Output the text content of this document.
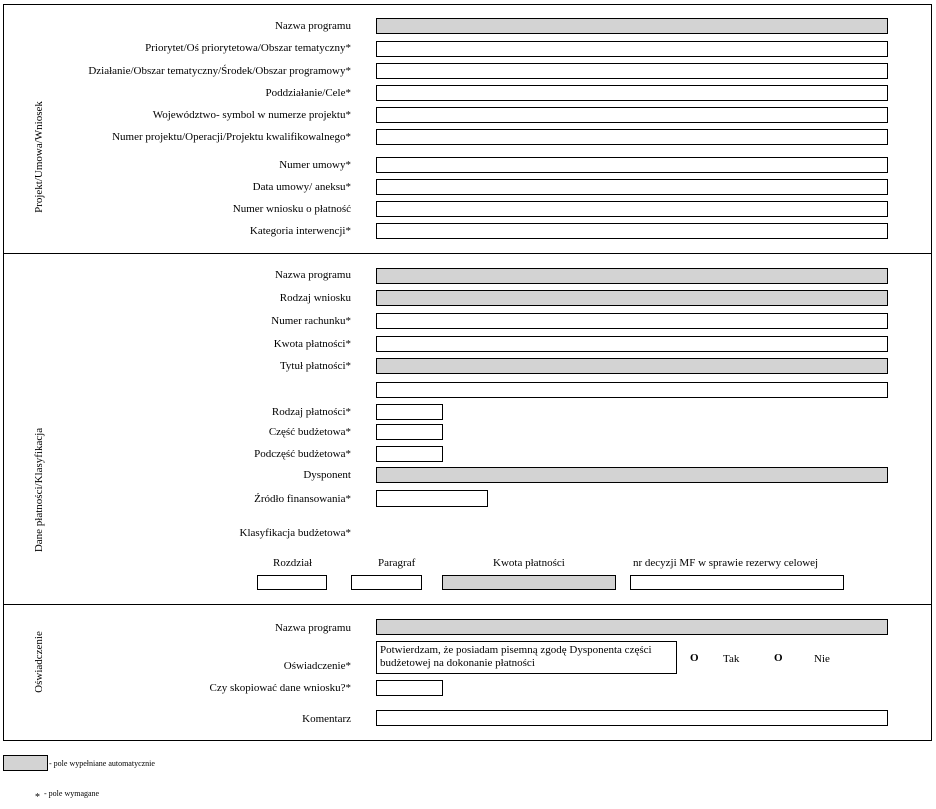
Projekt/Umowa/Wniosek
Nazwa programu
Priorytet/Oś priorytetowa/Obszar tematyczny*
Działanie/Obszar tematyczny/Środek/Obszar programowy*
Poddziałanie/Cele*
Województwo- symbol w numerze projektu*
Numer projektu/Operacji/Projektu kwalifikowalnego*
Numer umowy*
Data umowy/ aneksu*
Numer wniosku o płatność
Kategoria interwencji*
Dane płatności/Klasyfikacja
Nazwa programu
Rodzaj wniosku
Numer rachunku*
Kwota płatności*
Tytuł płatności*
Rodzaj płatności*
Część budżetowa*
Podczęść budżetowa*
Dysponent
Źródło finansowania*
Klasyfikacja budżetowa*
Rozdział	Paragraf	Kwota płatności	nr decyzji MF w sprawie rezerwy celowej
Oświadczenie
Nazwa programu
Oświadczenie*
Potwierdzam, że posiadam pisemną zgodę Dysponenta części budżetowej na dokonanie płatności	O Tak	O	Nie
Czy skopiować dane wniosku?*
Komentarz
- pole wypełniane automatycznie
* - pole wymagane
